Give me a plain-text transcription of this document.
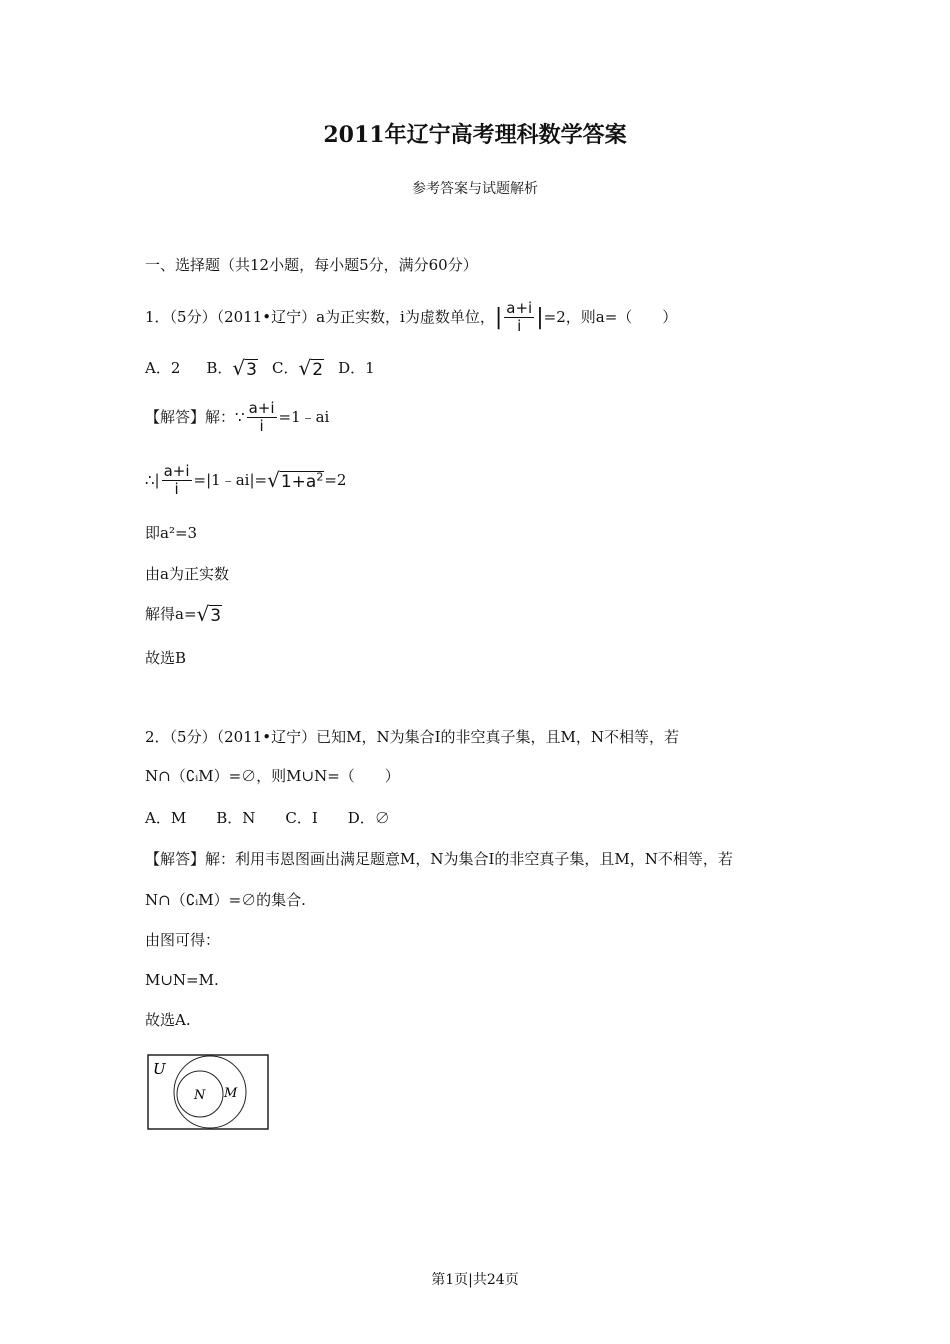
2011年辽宁高考理科数学答案
参考答案与试题解析
一、选择题（共12小题，每小题5分，满分60分）
1．（5分）（2011•辽宁）a为正实数，i为虚数单位， | $\frac{a+i}{i}$ | =2，则a=（　　）
A．2 B． √3 C． √2 D．1
【解答】解： ∵ $\frac{a+i}{i}$ =1﹣ai
∴ | $\frac{a+i}{i}$ =|1﹣ai|= $√1+a^2 =2$
即a²=3
由a为正实数
解得a= √3
故选B
2．（5分）（2011•辽宁）已知M，N为集合I的非空真子集，且M，N不相等，若
N∩（∁ᵢM）=∅，则M∪N=（　　）
A．M　　B．N　　C．I　　D．∅
【解答】解：利用韦恩图画出满足题意M，N为集合I的非空真子集，且M，N不相等，若
N∩（∁ᵢM）=∅的集合.
由图可得：
M∪N=M.
故选A.
U
N M
第1页|共24页
